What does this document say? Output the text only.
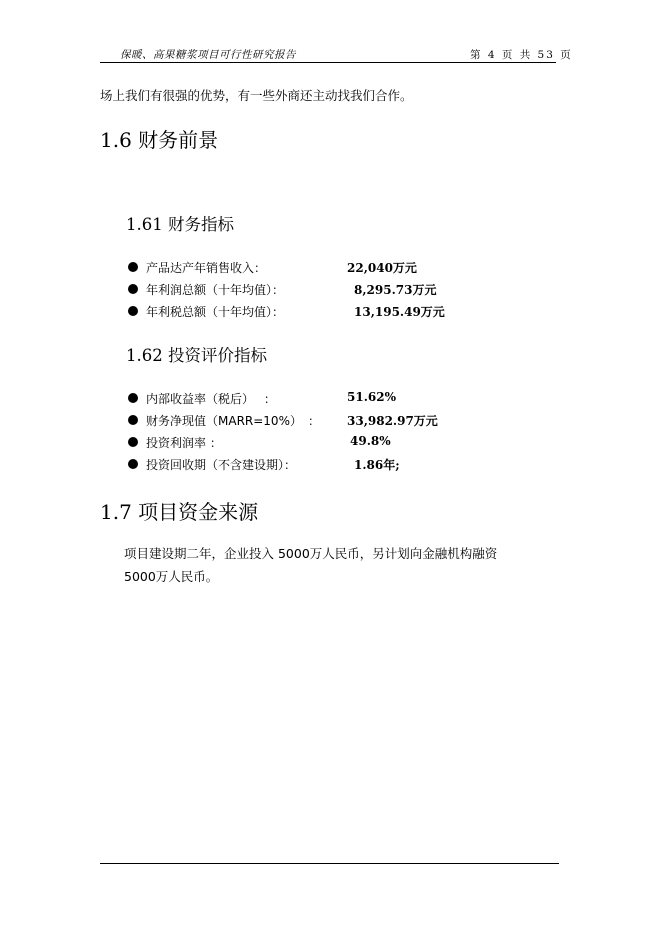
保暖、高果糖浆项目可行性研究报告	第 4 页 共 53 页
场上我们有很强的优势，有一些外商还主动找我们合作。
1.6 财务前景
1.61 财务指标
产品达产年销售收入：	22,040万元
年利润总额（十年均值）：	8,295.73万元
年利税总额（十年均值）：	13,195.49万元
1.62 投资评价指标
内部收益率（税后）　 ：	51.62%
财务净现值（MARR=10%）　： 33,982.97万元
投资利润率 ：	49.8%
投资回收期（不含建设期）：	1.86年;
1.7 项目资金来源
项目建设期二年，企业投入 5000万人民币，另计划向金融机构融资
5000万人民币。
